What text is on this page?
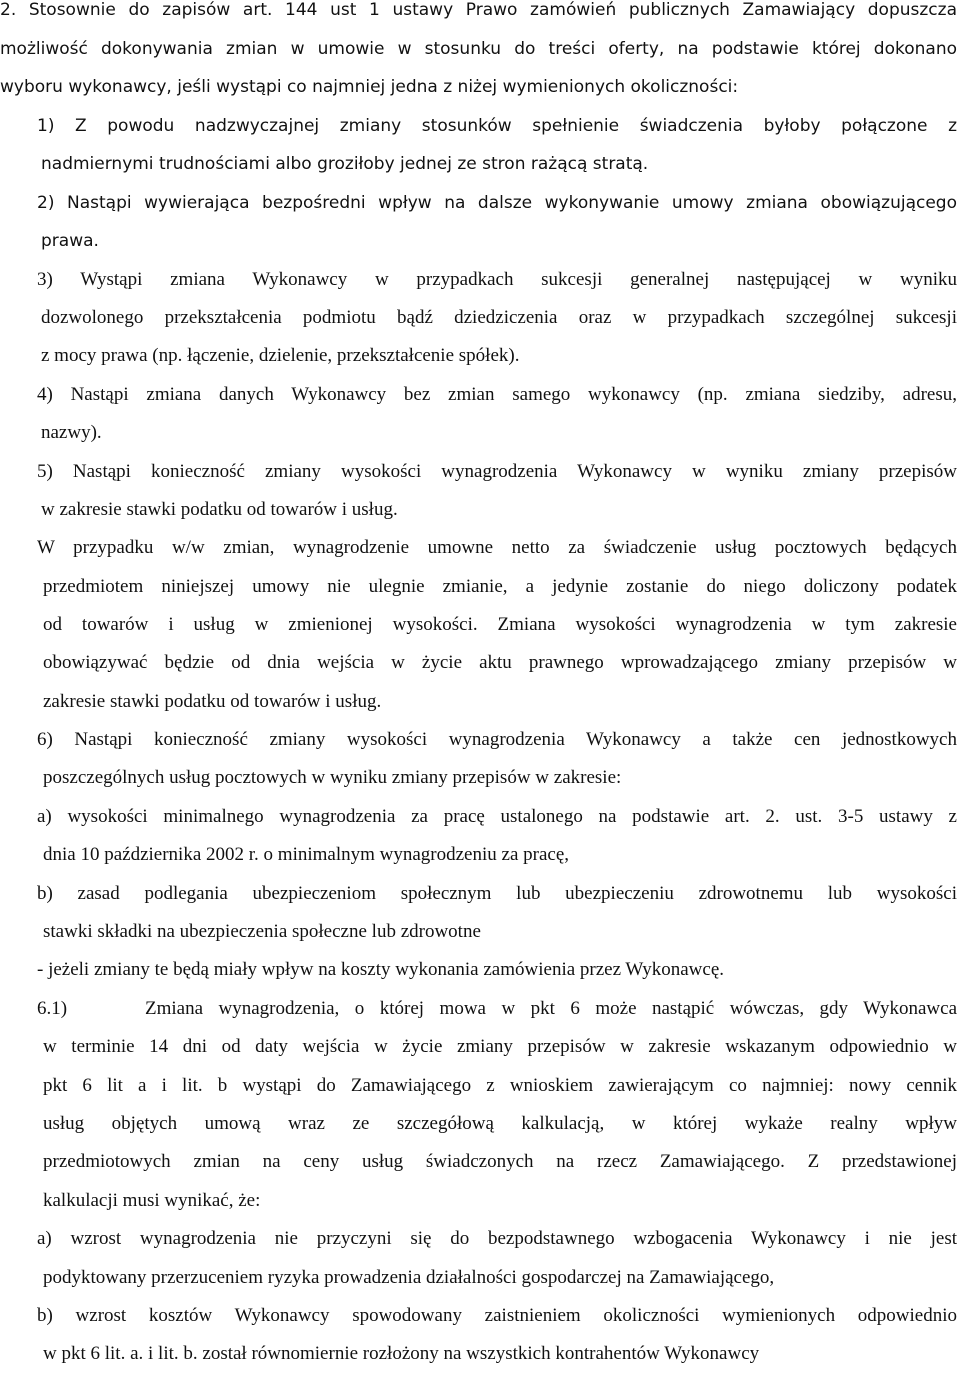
2. Stosownie do zapisów art. 144 ust 1 ustawy Prawo zamówień publicznych Zamawiający dopuszcza
możliwość dokonywania zmian w umowie w stosunku do treści oferty, na podstawie której dokonano
wyboru wykonawcy, jeśli wystąpi co najmniej jedna z niżej wymienionych okoliczności:
1) Z powodu nadzwyczajnej zmiany stosunków spełnienie świadczenia byłoby połączone z
nadmiernymi trudnościami albo groziłoby jednej ze stron rażącą stratą.
2) Nastąpi wywierająca bezpośredni wpływ na dalsze wykonywanie umowy zmiana obowiązującego
prawa.
3) Wystąpi zmiana Wykonawcy w przypadkach sukcesji generalnej następującej w wyniku
dozwolonego przekształcenia podmiotu bądź dziedziczenia oraz w przypadkach szczególnej sukcesji
z mocy prawa (np. łączenie, dzielenie, przekształcenie spółek).
4) Nastąpi zmiana danych Wykonawcy bez zmian samego wykonawcy (np. zmiana siedziby, adresu,
nazwy).
5) Nastąpi konieczność zmiany wysokości wynagrodzenia Wykonawcy w wyniku zmiany przepisów
w zakresie stawki podatku od towarów i usług.
W przypadku w/w zmian, wynagrodzenie umowne netto za świadczenie usług pocztowych będących
przedmiotem niniejszej umowy nie ulegnie zmianie, a jedynie zostanie do niego doliczony podatek
od towarów i usług w zmienionej wysokości. Zmiana wysokości wynagrodzenia w tym zakresie
obowiązywać będzie od dnia wejścia w życie aktu prawnego wprowadzającego zmiany przepisów w
zakresie stawki podatku od towarów i usług.
6) Nastąpi konieczność zmiany wysokości wynagrodzenia Wykonawcy a także cen jednostkowych
poszczególnych usług pocztowych w wyniku zmiany przepisów w zakresie:
a) wysokości minimalnego wynagrodzenia za pracę ustalonego na podstawie art. 2. ust. 3-5 ustawy z
dnia 10 października 2002 r. o minimalnym wynagrodzeniu za pracę,
b) zasad podlegania ubezpieczeniom społecznym lub ubezpieczeniu zdrowotnemu lub wysokości
stawki składki na ubezpieczenia społeczne lub zdrowotne
- jeżeli zmiany te będą miały wpływ na koszty wykonania zamówienia przez Wykonawcę.
6.1)	Zmiana wynagrodzenia, o której mowa w pkt 6 może nastąpić wówczas, gdy Wykonawca
w terminie 14 dni od daty wejścia w życie zmiany przepisów w zakresie wskazanym odpowiednio w
pkt 6 lit a i lit. b wystąpi do Zamawiającego z wnioskiem zawierającym co najmniej: nowy cennik
usług objętych umową wraz ze szczegółową kalkulacją, w której wykaże realny wpływ
przedmiotowych zmian na ceny usług świadczonych na rzecz Zamawiającego. Z przedstawionej
kalkulacji musi wynikać, że:
a) wzrost wynagrodzenia nie przyczyni się do bezpodstawnego wzbogacenia Wykonawcy i nie jest
podyktowany przerzuceniem ryzyka prowadzenia działalności gospodarczej na Zamawiającego,
b) wzrost kosztów Wykonawcy spowodowany zaistnieniem okoliczności wymienionych odpowiednio
w pkt 6 lit. a. i lit. b. został równomiernie rozłożony na wszystkich kontrahentów Wykonawcy
